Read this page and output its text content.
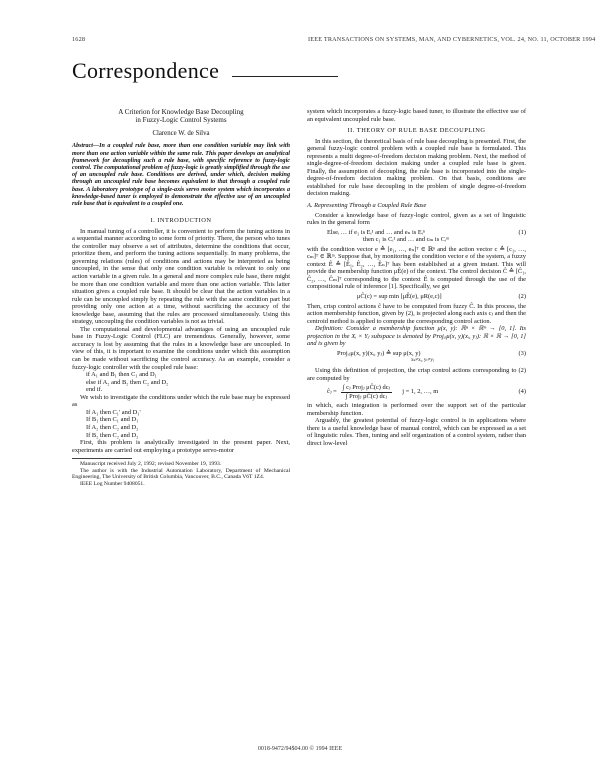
1628	IEEE TRANSACTIONS ON SYSTEMS, MAN, AND CYBERNETICS, VOL. 24, NO. 11, OCTOBER 1994
Correspondence
A Criterion for Knowledge Base Decoupling
in Fuzzy-Logic Control Systems
Clarence W. de Silva

Abstract—In a coupled rule base, more than one condition variable may link with more than one action variable within the same rule. This paper develops an analytical framework for decoupling such a rule base, with specific reference to fuzzy-logic control. The computational problem of fuzzy-logic is greatly simplified through the use of an uncoupled rule base. Conditions are derived, under which, decision making through an uncoupled rule base becomes equivalent to that through a coupled rule base. A laboratory prototype of a single-axis servo motor system which incorporates a knowledge-based tuner is employed to demonstrate the effective use of an uncoupled rule base that is equivalent to a coupled one.

I. INTRODUCTION

In manual tuning of a controller, it is convenient to perform the tuning actions in a sequential manner according to some form of priority. There, the person who tunes the controller may observe a set of attributes, determine the conditions that occur, prioritize them, and perform the tuning actions sequentially. In many problems, the governing relations (rules) of conditions and actions may be interpreted as being uncoupled, in the sense that only one condition variable is relevant to only one action variable in a given rule. In a general and more complex rule base, there might be more than one condition variable and more than one action variable. This latter situation gives a coupled rule base. It should be clear that the action variables in a rule can be uncoupled simply by repeating the rule with the same condition part but providing only one action at a time, without sacrificing the accuracy of the knowledge base, assuming that the rules are processed simultaneously. Using this strategy, uncoupling the condition variables is not as trivial.

The computational and developmental advantages of using an uncoupled rule base in Fuzzy-Logic Control (FLC) are tremendous. Generally, however, some accuracy is lost by assuming that the rules in a knowledge base are uncoupled. In view of this, it is important to examine the conditions under which this assumption can be made without sacrificing the control accuracy. As an example, consider a fuzzy-logic controller with the coupled rule base:

if A₁ and B₁ then C₁ and D₁
else if A₂ and B₂ then C₂ and D₂
end if.

We wish to investigate the conditions under which the rule base may be expressed as

If A₁ then C₁' and D₁'
If B₁ then C₁ and D₁
If A₂ then C₂ and D₂
If B₂ then C₂ and D₂

First, this problem is analytically investigated in the present paper. Next, experiments are carried out employing a prototype servo-motor

Manuscript received July 2, 1992; revised November 19, 1993.
The author is with the Industrial Automation Laboratory, Department of Mechanical Engineering, The University of British Columbia, Vancouver, B.C., Canada V6T 1Z4.
IEEE Log Number 9408051.

system which incorporates a fuzzy-logic based tuner, to illustrate the effective use of an equivalent uncoupled rule base.

II. THEORY OF RULE BASE DECOUPLING

In this section, the theoretical basis of rule base decoupling is presented. First, the general fuzzy-logic control problem with a coupled rule base is formulated. This represents a multi degree-of-freedom decision making problem. Next, the method of single-degree-of-freedom decision making under a coupled rule base is given. Finally, the assumption of decoupling, the rule base is incorporated into the single-degree-of-freedom decision making problem. On that basis, conditions are established for rule base decoupling in the problem of single degree-of-freedom decision making.

A. Representing Through a Coupled Rule Base

Consider a knowledge base of fuzzy-logic control, given as a set of linguistic rules in the general form

Elseᵢ … if e₁ is Eᵢ¹ and … and eₙ is Eᵢⁿ
then c₁ is Cᵢ¹ and … and cₘ is Cᵢᵐ
(1)

with the condition vector e ≙ [e₁, …, eₙ]ᵀ ∈ ℝⁿ and the action vector c ≙ [c₁, …, cₘ]ᵀ ∈ ℝᵐ. Suppose that, by monitoring the condition vector e of the system, a fuzzy context Ê ≙ [Ê₁, Ê₂, …, Êₙ]ᵀ has been established at a given instant. This will provide the membership function μÊ(e) of the context. The control decision Ĉ ≙ [Ĉ₁, Ĉ₂, …, Ĉₘ]ᵀ corresponding to the context Ê is computed through the use of the compositional rule of inference [1]. Specifically, we get

μĈ(c) = sup min [μÊ(e), μR(e,c)]	(2)

Then, crisp control actions ĉ have to be computed from fuzzy Ĉ. In this process, the action membership function, given by (2), is projected along each axis cⱼ and then the centroid method is applied to compute the corresponding control action.

Definition: Consider a membership function μ(x, y): ℝⁿ × ℝᵐ → [0, 1]. Its projection in the Xᵢ × Yⱼ subspace is denoted by Projᵢⱼμ(x, y)(xᵢ, yⱼ): ℝ × ℝ → [0, 1] and is given by

Projᵢⱼμ(x, y)(xᵢ, yⱼ) ≙ sup μ(x, y)
xₖ≠xᵢ, yₗ≠yⱼ
(3)

Using this definition of projection, the crisp control actions corresponding to (2) are computed by

ĉⱼ =
∫ cⱼ Projⱼ μĈ(c) dcⱼ
∫ Projⱼ μĈ(c) dcⱼ
j = 1, 2, …, m	(4)

in which, each integration is performed over the support set of the particular membership function.

Arguably, the greatest potential of fuzzy-logic control is in applications where there is a useful knowledge base of manual control, which can be expressed as a set of linguistic rules. Then, tuning and self organization of a control system, rather than direct low-level

0018-9472/94$04.00 © 1994 IEEE
